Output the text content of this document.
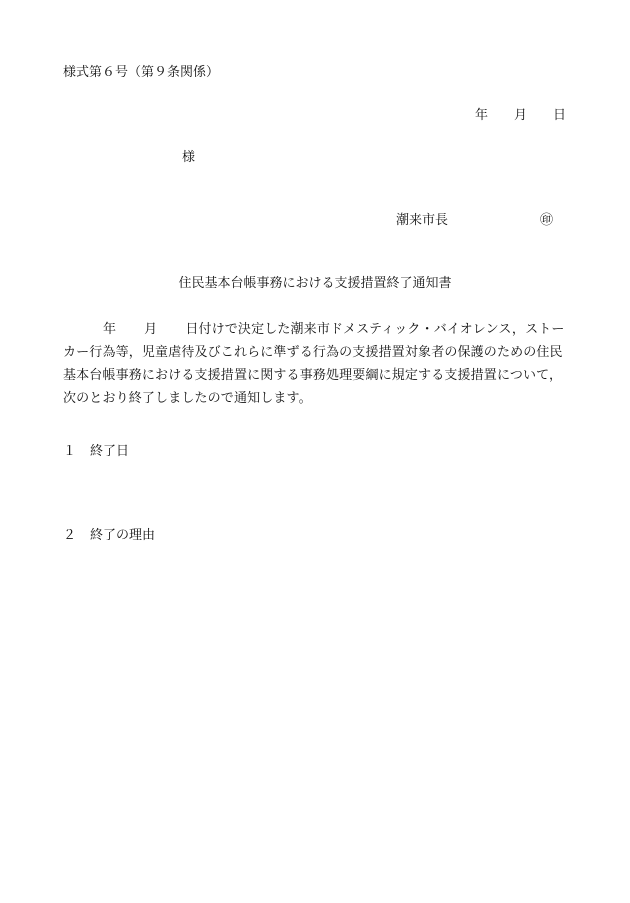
様式第６号（第９条関係）
年 月 日
様
潮来市長	㊞
住民基本台帳事務における支援措置終了通知書
年 月 日付けで決定した潮来市ドメスティック・バイオレンス，ストー
カー行為等，児童虐待及びこれらに準ずる行為の支援措置対象者の保護のための住民
基本台帳事務における支援措置に関する事務処理要綱に規定する支援措置について，
次のとおり終了しましたので通知します。
１ 終了日
２ 終了の理由
